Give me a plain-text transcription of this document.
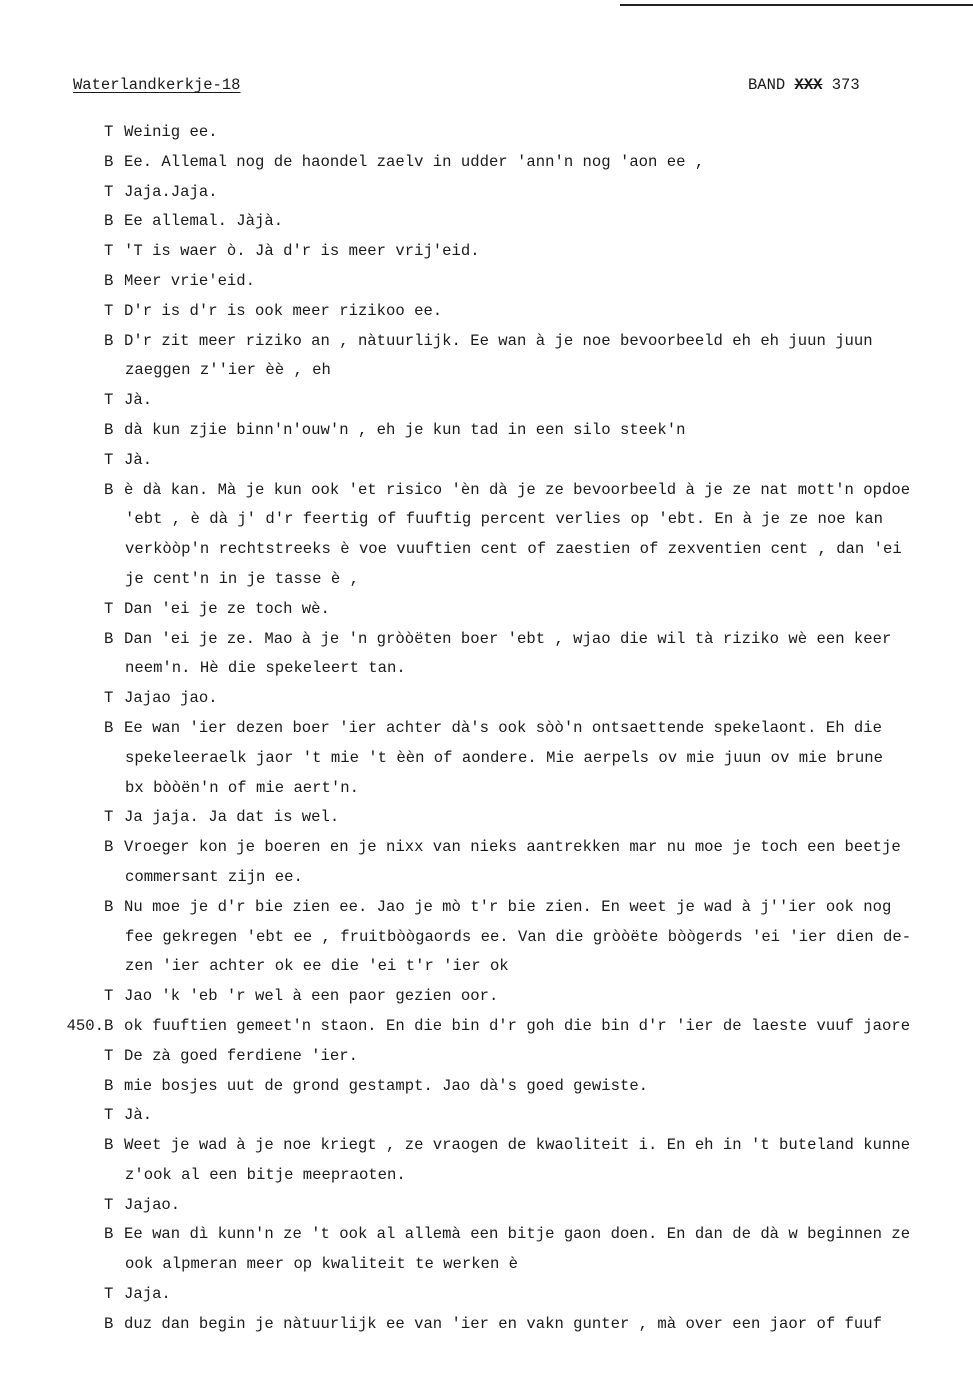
Waterlandkerkje-18	BAND XXX 373
T Weinig ee.
B Ee. Allemal nog de haondel zaelv in udder 'ann'n nog 'aon ee ,
T Jaja.Jaja.
B Ee allemal. Jàjà.
T 'T is waer ò. Jà d'r is meer vrij'eid.
B Meer vrie'eid.
T D'r is d'r is ook meer rizikoo ee.
B D'r zit meer riziko an , nàtuurlijk. Ee wan à je noe bevoorbeeld eh eh juun juun
zaeggen z''ier èè , eh
T Jà.
B dà kun zjie binn'n'ouw'n , eh je kun tad in een silo steek'n
T Jà.
B è dà kan. Mà je kun ook 'et risico 'èn dà je ze bevoorbeeld à je ze nat mott'n opdoe
'ebt , è dà j' d'r feertig of fuuftig percent verlies op 'ebt. En à je ze noe kan
verkòòp'n rechtstreeks è voe vuuftien cent of zaestien of zexventien cent , dan 'ei
je cent'n in je tasse è ,
T Dan 'ei je ze toch wè.
B Dan 'ei je ze. Mao à je 'n gròòëten boer 'ebt , wjao die wil tà riziko wè een keer
neem'n. Hè die spekeleert tan.
T Jajao jao.
B Ee wan 'ier dezen boer 'ier achter dà's ook sòò'n ontsaettende spekelaont. Eh die
spekeleeraelk jaor 't mie 't èèn of aondere. Mie aerpels ov mie juun ov mie brune
bx bòòën'n of mie aert'n.
T Ja jaja. Ja dat is wel.
B Vroeger kon je boeren en je nixx van nieks aantrekken mar nu moe je toch een beetje
commersant zijn ee.
B Nu moe je d'r bie zien ee. Jao je mò t'r bie zien. En weet je wad à j''ier ook nog
fee gekregen 'ebt ee , fruitbòògaords ee. Van die gròòëte bòògerds 'ei 'ier dien de-
zen 'ier achter ok ee die 'ei t'r 'ier ok
T Jao 'k 'eb 'r wel à een paor gezien oor.
450. B ok fuuftien gemeet'n staon. En die bin d'r goh die bin d'r 'ier de laeste vuuf jaore
T De zà goed ferdiene 'ier.
B mie bosjes uut de grond gestampt. Jao dà's goed gewiste.
T Jà.
B Weet je wad à je noe kriegt , ze vraogen de kwaoliteit i. En eh in 't buteland kunne
z'ook al een bitje meepraoten.
T Jajao.
B Ee wan dì kunn'n ze 't ook al allemà een bitje gaon doen. En dan de dà w beginnen ze
ook alpmeran meer op kwaliteit te werken è
T Jaja.
B duz dan begin je nàtuurlijk ee van 'ier en vakn gunter , mà over een jaor of fuuf
